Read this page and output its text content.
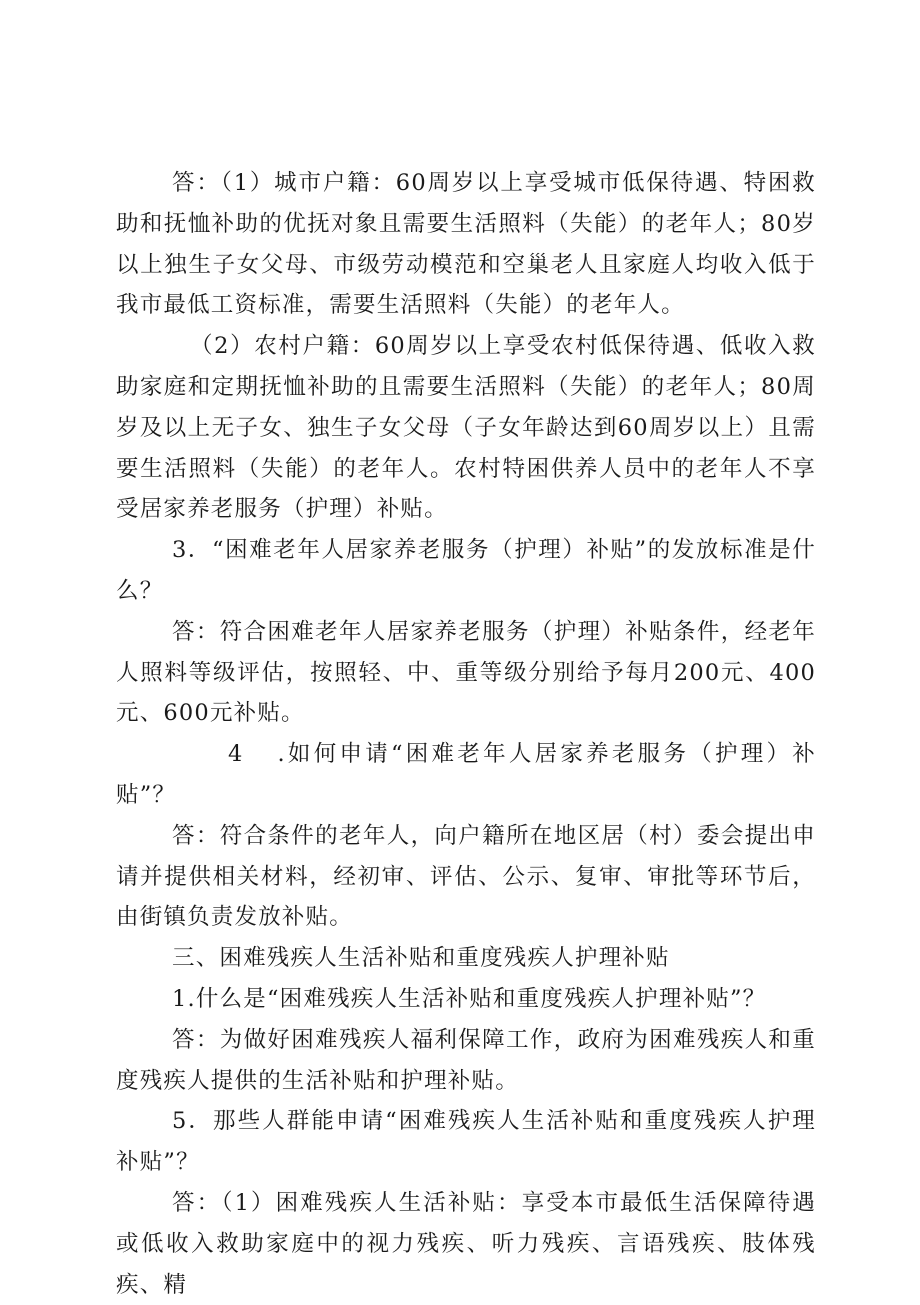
答：（1）城市户籍：60周岁以上享受城市低保待遇、特困救助和抚恤补助的优抚对象且需要生活照料（失能）的老年人；80岁以上独生子女父母、市级劳动模范和空巢老人且家庭人均收入低于我市最低工资标准，需要生活照料（失能）的老年人。

（2）农村户籍：60周岁以上享受农村低保待遇、低收入救助家庭和定期抚恤补助的且需要生活照料（失能）的老年人；80周岁及以上无子女、独生子女父母（子女年龄达到60周岁以上）且需要生活照料（失能）的老年人。农村特困供养人员中的老年人不享受居家养老服务（护理）补贴。

3．“困难老年人居家养老服务（护理）补贴”的发放标准是什么？

答：符合困难老年人居家养老服务（护理）补贴条件，经老年人照料等级评估，按照轻、中、重等级分别给予每月200元、400元、600元补贴。

4 .如何申请“困难老年人居家养老服务（护理）补贴”？

答：符合条件的老年人，向户籍所在地区居（村）委会提出申请并提供相关材料，经初审、评估、公示、复审、审批等环节后，由街镇负责发放补贴。

三、困难残疾人生活补贴和重度残疾人护理补贴

1.什么是“困难残疾人生活补贴和重度残疾人护理补贴”？

答：为做好困难残疾人福利保障工作，政府为困难残疾人和重度残疾人提供的生活补贴和护理补贴。

5．那些人群能申请“困难残疾人生活补贴和重度残疾人护理补贴”？

答：（1）困难残疾人生活补贴：享受本市最低生活保障待遇或低收入救助家庭中的视力残疾、听力残疾、言语残疾、肢体残疾、精
